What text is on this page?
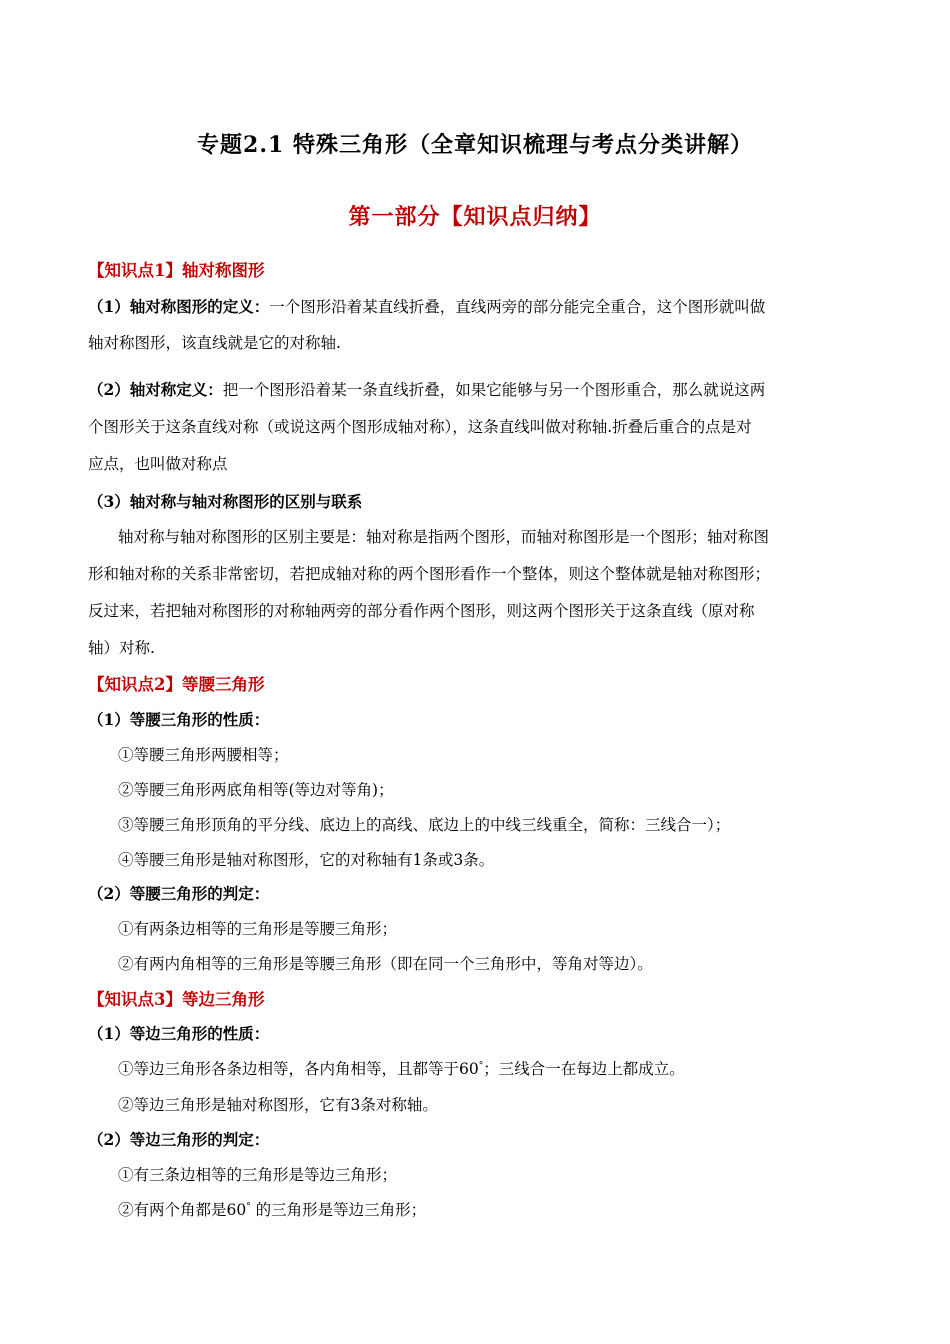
专题2.1 特殊三角形（全章知识梳理与考点分类讲解）
第一部分【知识点归纳】
【知识点1】轴对称图形
（1）轴对称图形的定义：一个图形沿着某直线折叠，直线两旁的部分能完全重合，这个图形就叫做
轴对称图形，该直线就是它的对称轴.
（2）轴对称定义：把一个图形沿着某一条直线折叠，如果它能够与另一个图形重合，那么就说这两
个图形关于这条直线对称（或说这两个图形成轴对称），这条直线叫做对称轴.折叠后重合的点是对
应点，也叫做对称点
（3）轴对称与轴对称图形的区别与联系
轴对称与轴对称图形的区别主要是：轴对称是指两个图形，而轴对称图形是一个图形；轴对称图
形和轴对称的关系非常密切，若把成轴对称的两个图形看作一个整体，则这个整体就是轴对称图形；
反过来，若把轴对称图形的对称轴两旁的部分看作两个图形，则这两个图形关于这条直线（原对称
轴）对称.
【知识点2】等腰三角形
（1）等腰三角形的性质：
①等腰三角形两腰相等；
②等腰三角形两底角相等(等边对等角)；
③等腰三角形顶角的平分线、底边上的高线、底边上的中线三线重全，简称：三线合一）；
④等腰三角形是轴对称图形，它的对称轴有1条或3条。
（2）等腰三角形的判定：
①有两条边相等的三角形是等腰三角形；
②有两内角相等的三角形是等腰三角形（即在同一个三角形中，等角对等边）。
【知识点3】等边三角形
（1）等边三角形的性质：
①等边三角形各条边相等，各内角相等，且都等于60°；三线合一在每边上都成立。
②等边三角形是轴对称图形，它有3条对称轴。
（2）等边三角形的判定：
①有三条边相等的三角形是等边三角形；
②有两个角都是60° 的三角形是等边三角形；
